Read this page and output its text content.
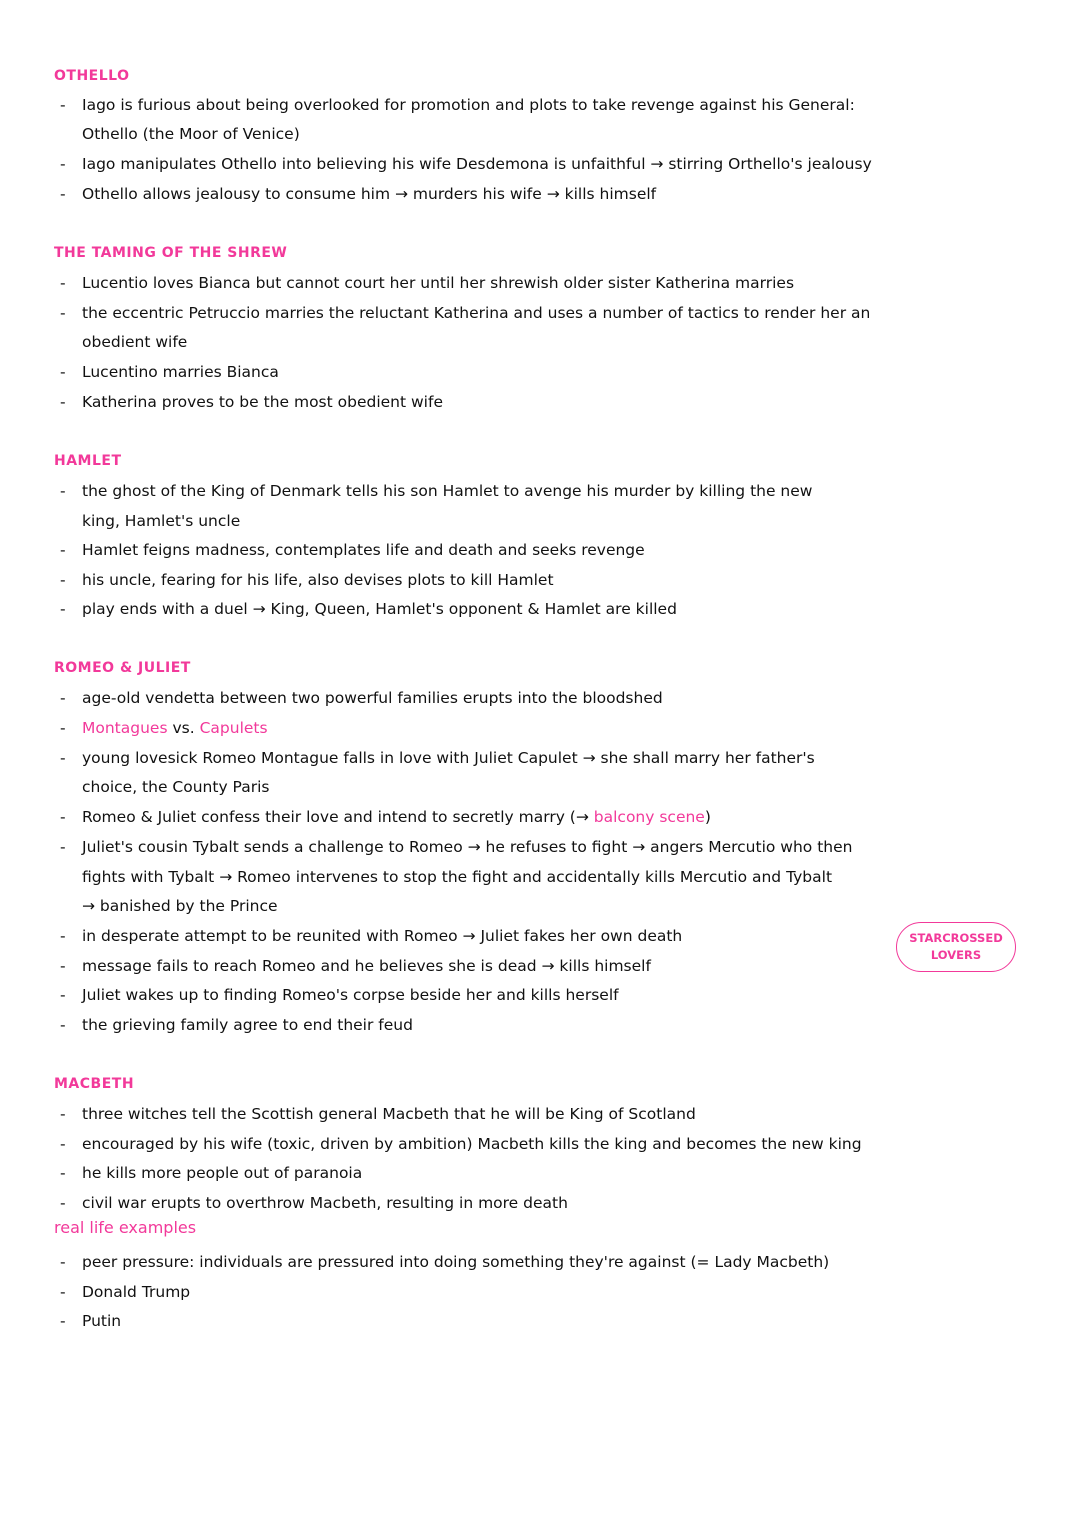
OTHELLO

- Iago is furious about being overlooked for promotion and plots to take revenge against his General:

Othello (the Moor of Venice)

- Iago manipulates Othello into believing his wife Desdemona is unfaithful → stirring Orthello's jealousy

- Othello allows jealousy to consume him → murders his wife → kills himself

THE TAMING OF THE SHREW

- Lucentio loves Bianca but cannot court her until her shrewish older sister Katherina marries

- the eccentric Petruccio marries the reluctant Katherina and uses a number of tactics to render her an

obedient wife

- Lucentino marries Bianca

- Katherina proves to be the most obedient wife

HAMLET

- the ghost of the King of Denmark tells his son Hamlet to avenge his murder by killing the new

king, Hamlet's uncle

- Hamlet feigns madness, contemplates life and death and seeks revenge

- his uncle, fearing for his life, also devises plots to kill Hamlet

- play ends with a duel → King, Queen, Hamlet's opponent & Hamlet are killed

ROMEO & JULIET

- age-old vendetta between two powerful families erupts into the bloodshed

- Montagues vs. Capulets

- young lovesick Romeo Montague falls in love with Juliet Capulet → she shall marry her father's

choice, the County Paris

- Romeo & Juliet confess their love and intend to secretly marry (→ balcony scene)

- Juliet's cousin Tybalt sends a challenge to Romeo → he refuses to fight → angers Mercutio who then

fights with Tybalt → Romeo intervenes to stop the fight and accidentally kills Mercutio and Tybalt
→ banished by the Prince

- in desperate attempt to be reunited with Romeo → Juliet fakes her own death

- message fails to reach Romeo and he believes she is dead → kills himself

- Juliet wakes up to finding Romeo's corpse beside her and kills herself

- the grieving family agree to end their feud

STARCROSSED
LOVERS
MACBETH

- three witches tell the Scottish general Macbeth that he will be King of Scotland

- encouraged by his wife (toxic, driven by ambition) Macbeth kills the king and becomes the new king

- he kills more people out of paranoia

- civil war erupts to overthrow Macbeth, resulting in more death

real life examples

- peer pressure: individuals are pressured into doing something they're against (= Lady Macbeth)

- Donald Trump

- Putin
